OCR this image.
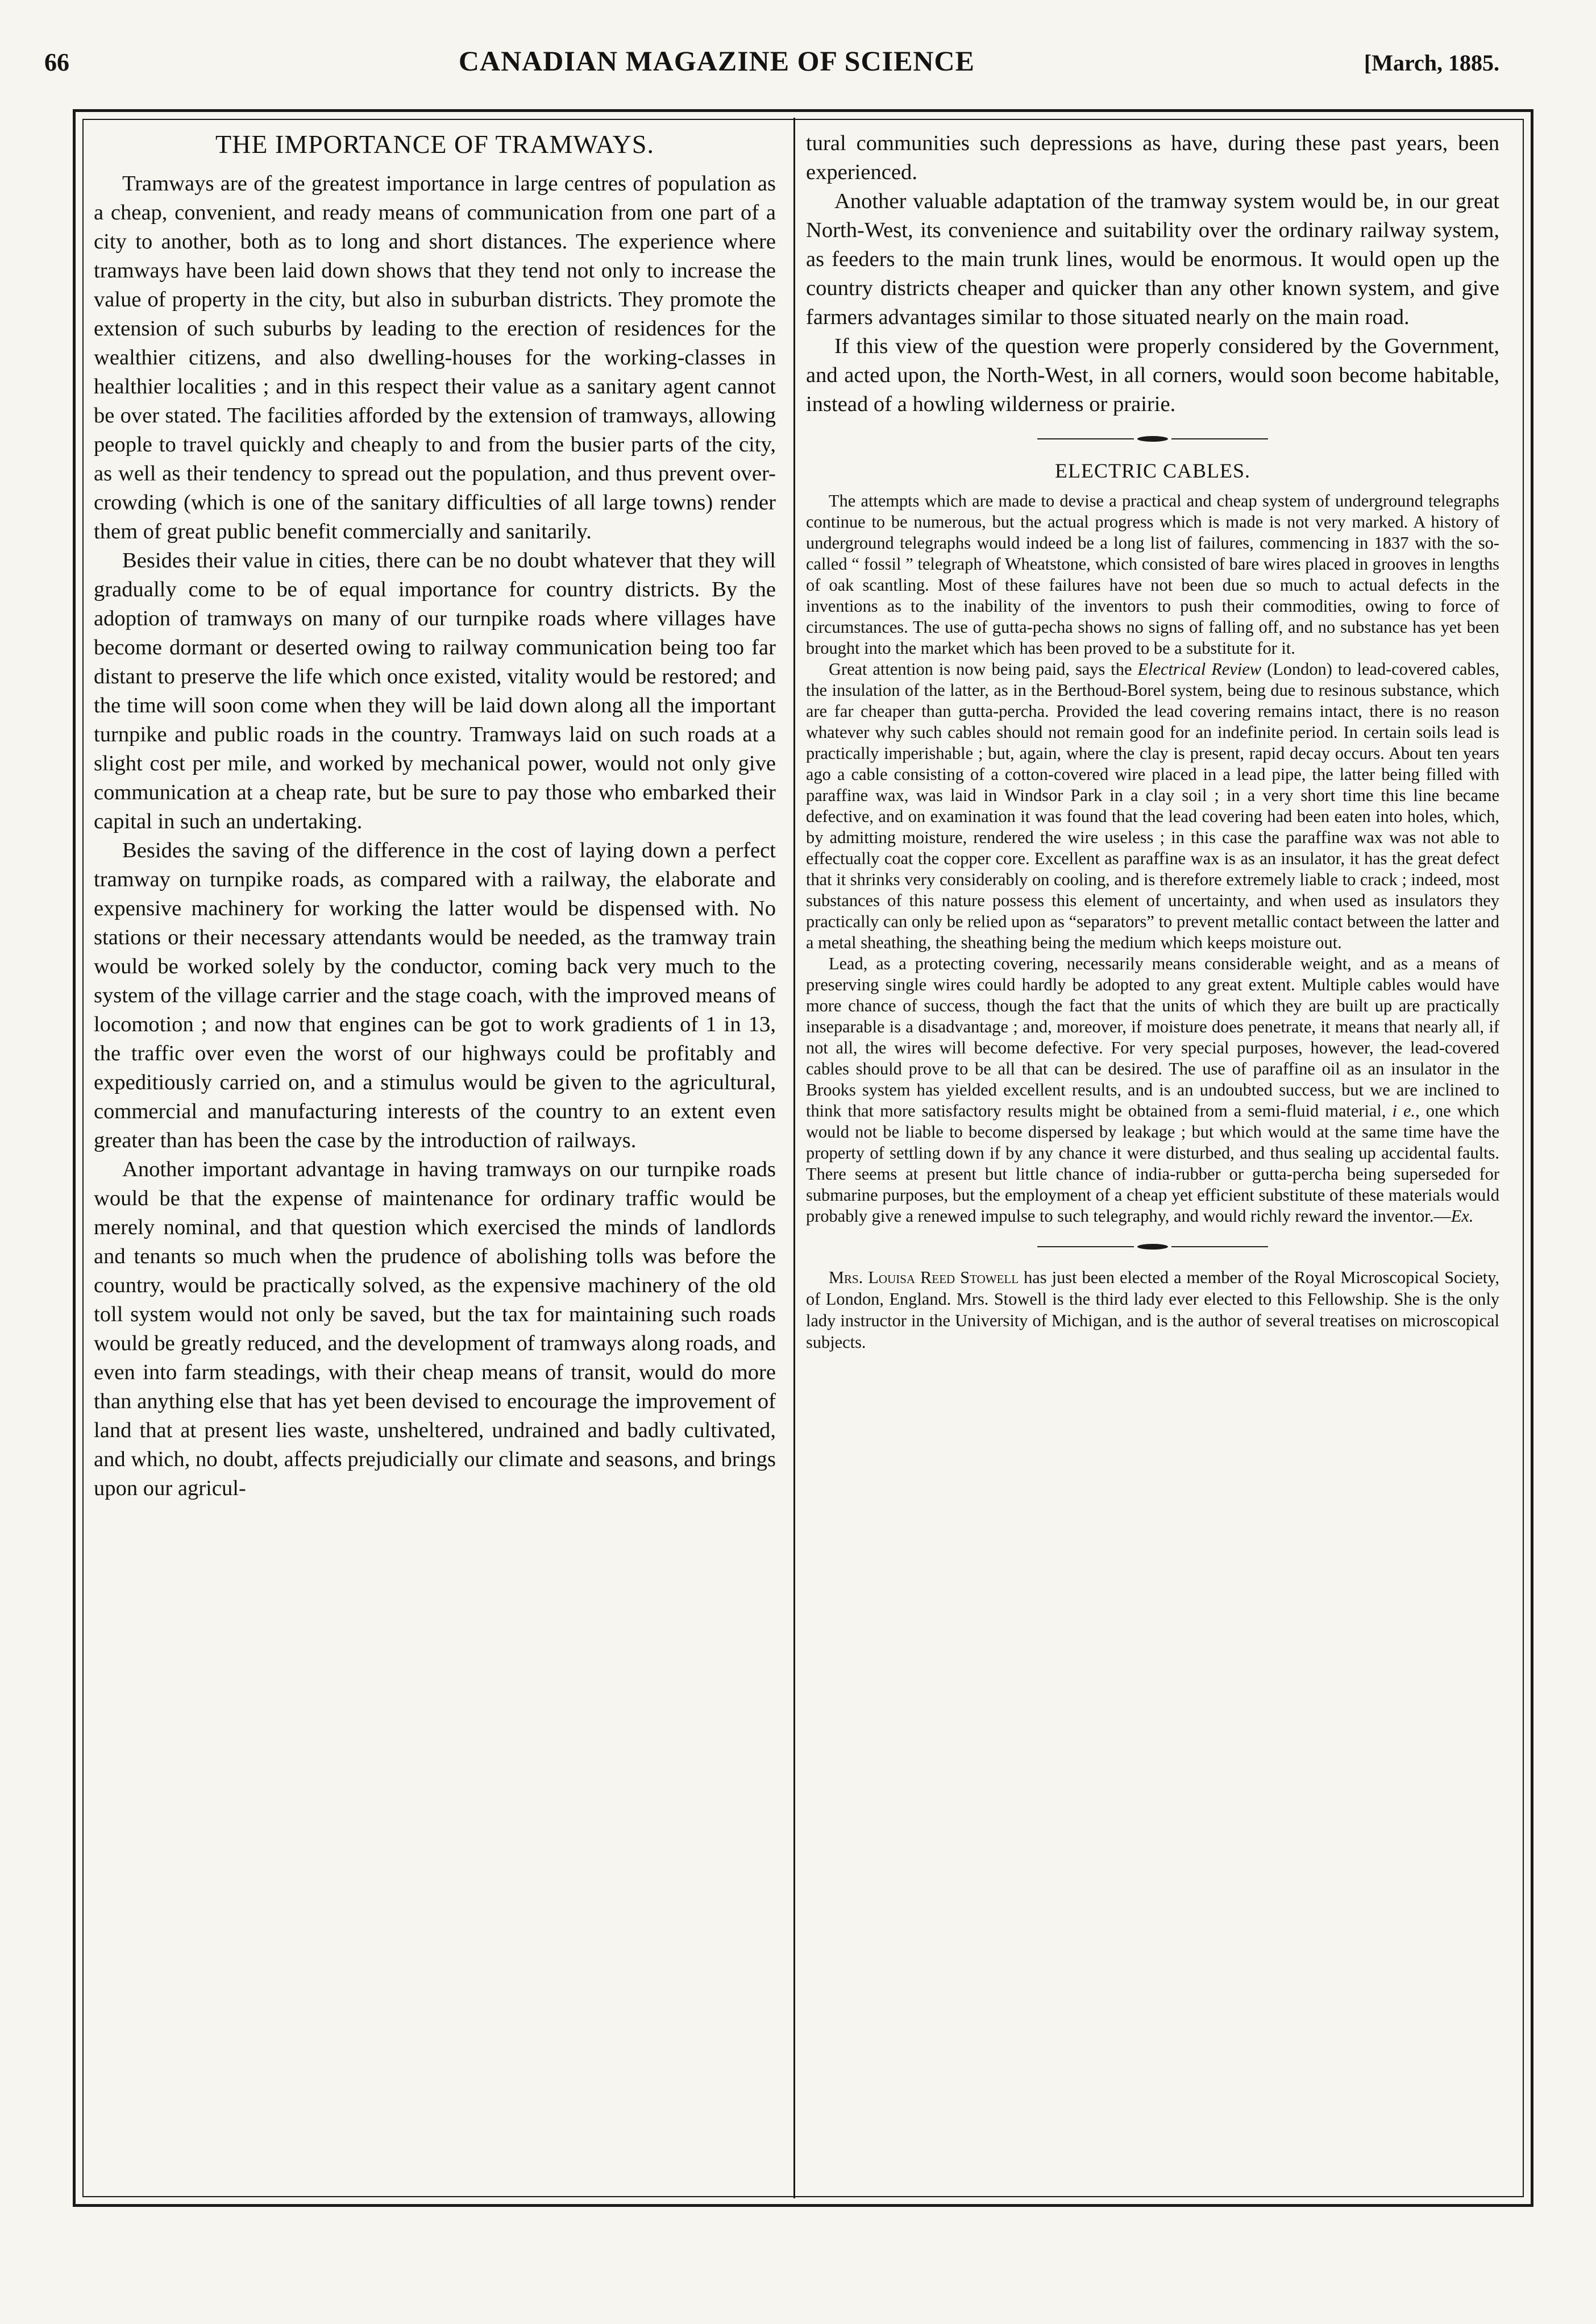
66	CANADIAN MAGAZINE OF SCIENCE	[March, 1885.
THE IMPORTANCE OF TRAMWAYS.

Tramways are of the greatest importance in large centres of population as a cheap, convenient, and ready means of communication from one part of a city to another, both as to long and short distances. The experience where tramways have been laid down shows that they tend not only to increase the value of property in the city, but also in suburban districts. They promote the extension of such suburbs by leading to the erection of residences for the wealthier citizens, and also dwelling-houses for the working-classes in healthier localities ; and in this respect their value as a sanitary agent cannot be over stated. The facilities afforded by the extension of tramways, allowing people to travel quickly and cheaply to and from the busier parts of the city, as well as their tendency to spread out the population, and thus prevent over-crowding (which is one of the sanitary difficulties of all large towns) render them of great public benefit commercially and sanitarily.

Besides their value in cities, there can be no doubt whatever that they will gradually come to be of equal importance for country districts. By the adoption of tramways on many of our turnpike roads where villages have become dormant or deserted owing to railway communication being too far distant to preserve the life which once existed, vitality would be restored; and the time will soon come when they will be laid down along all the important turnpike and public roads in the country. Tramways laid on such roads at a slight cost per mile, and worked by mechanical power, would not only give communication at a cheap rate, but be sure to pay those who embarked their capital in such an undertaking.

Besides the saving of the difference in the cost of laying down a perfect tramway on turnpike roads, as compared with a railway, the elaborate and expensive machinery for working the latter would be dispensed with. No stations or their necessary attendants would be needed, as the tramway train would be worked solely by the conductor, coming back very much to the system of the village carrier and the stage coach, with the improved means of locomotion ; and now that engines can be got to work gradients of 1 in 13, the traffic over even the worst of our highways could be profitably and expeditiously carried on, and a stimulus would be given to the agricultural, commercial and manufacturing interests of the country to an extent even greater than has been the case by the introduction of railways.

Another important advantage in having tramways on our turnpike roads would be that the expense of maintenance for ordinary traffic would be merely nominal, and that question which exercised the minds of landlords and tenants so much when the prudence of abolishing tolls was before the country, would be practically solved, as the expensive machinery of the old toll system would not only be saved, but the tax for maintaining such roads would be greatly reduced, and the development of tramways along roads, and even into farm steadings, with their cheap means of transit, would do more than anything else that has yet been devised to encourage the improvement of land that at present lies waste, unsheltered, undrained and badly cultivated, and which, no doubt, affects prejudicially our climate and seasons, and brings upon our agricul-

tural communities such depressions as have, during these past years, been experienced.

Another valuable adaptation of the tramway system would be, in our great North-West, its convenience and suitability over the ordinary railway system, as feeders to the main trunk lines, would be enormous. It would open up the country districts cheaper and quicker than any other known system, and give farmers advantages similar to those situated nearly on the main road.

If this view of the question were properly considered by the Government, and acted upon, the North-West, in all corners, would soon become habitable, instead of a howling wilderness or prairie.

ELECTRIC CABLES.

The attempts which are made to devise a practical and cheap system of underground telegraphs continue to be numerous, but the actual progress which is made is not very marked. A history of underground telegraphs would indeed be a long list of failures, commencing in 1837 with the so-called “ fossil ” telegraph of Wheatstone, which consisted of bare wires placed in grooves in lengths of oak scantling. Most of these failures have not been due so much to actual defects in the inventions as to the inability of the inventors to push their commodities, owing to force of circumstances. The use of gutta-pecha shows no signs of falling off, and no substance has yet been brought into the market which has been proved to be a substitute for it.

Great attention is now being paid, says the Electrical Review (London) to lead-covered cables, the insulation of the latter, as in the Berthoud-Borel system, being due to resinous substance, which are far cheaper than gutta-percha. Provided the lead covering remains intact, there is no reason whatever why such cables should not remain good for an indefinite period. In certain soils lead is practically imperishable ; but, again, where the clay is present, rapid decay occurs. About ten years ago a cable consisting of a cotton-covered wire placed in a lead pipe, the latter being filled with paraffine wax, was laid in Windsor Park in a clay soil ; in a very short time this line became defective, and on examination it was found that the lead covering had been eaten into holes, which, by admitting moisture, rendered the wire useless ; in this case the paraffine wax was not able to effectually coat the copper core. Excellent as paraffine wax is as an insulator, it has the great defect that it shrinks very considerably on cooling, and is therefore extremely liable to crack ; indeed, most substances of this nature possess this element of uncertainty, and when used as insulators they practically can only be relied upon as “separators” to prevent metallic contact between the latter and a metal sheathing, the sheathing being the medium which keeps moisture out.

Lead, as a protecting covering, necessarily means considerable weight, and as a means of preserving single wires could hardly be adopted to any great extent. Multiple cables would have more chance of success, though the fact that the units of which they are built up are practically inseparable is a disadvantage ; and, moreover, if moisture does penetrate, it means that nearly all, if not all, the wires will become defective. For very special purposes, however, the lead-covered cables should prove to be all that can be desired. The use of paraffine oil as an insulator in the Brooks system has yielded excellent results, and is an undoubted success, but we are inclined to think that more satisfactory results might be obtained from a semi-fluid material, i e., one which would not be liable to become dispersed by leakage ; but which would at the same time have the property of settling down if by any chance it were disturbed, and thus sealing up accidental faults. There seems at present but little chance of india-rubber or gutta-percha being superseded for submarine purposes, but the employment of a cheap yet efficient substitute of these materials would probably give a renewed impulse to such telegraphy, and would richly reward the inventor.—Ex.

Mrs. Louisa Reed Stowell has just been elected a member of the Royal Microscopical Society, of London, England. Mrs. Stowell is the third lady ever elected to this Fellowship. She is the only lady instructor in the University of Michigan, and is the author of several treatises on microscopical subjects.
